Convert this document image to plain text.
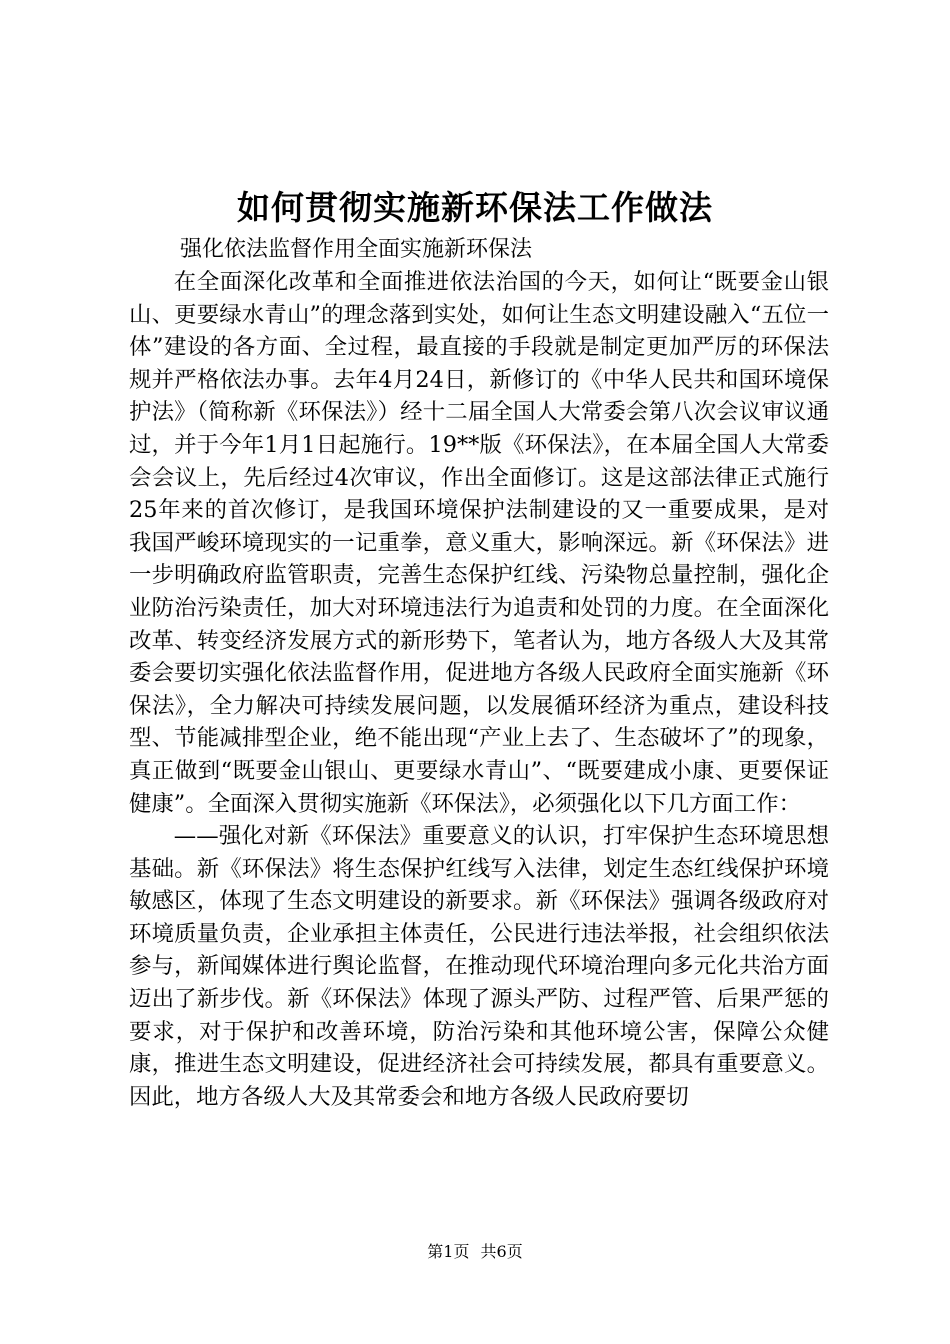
如何贯彻实施新环保法工作做法
强化依法监督作用全面实施新环保法

在全面深化改革和全面推进依法治国的今天，如何让“既要金山银山、更要绿水青山”的理念落到实处，如何让生态文明建设融入“五位一体”建设的各方面、全过程，最直接的手段就是制定更加严厉的环保法规并严格依法办事。去年4月24日，新修订的《中华人民共和国环境保护法》（简称新《环保法》）经十二届全国人大常委会第八次会议审议通过，并于今年1月1日起施行。19**版《环保法》，在本届全国人大常委会会议上，先后经过4次审议，作出全面修订。这是这部法律正式施行25年来的首次修订，是我国环境保护法制建设的又一重要成果，是对我国严峻环境现实的一记重拳，意义重大，影响深远。新《环保法》进一步明确政府监管职责，完善生态保护红线、污染物总量控制，强化企业防治污染责任，加大对环境违法行为追责和处罚的力度。在全面深化改革、转变经济发展方式的新形势下，笔者认为，地方各级人大及其常委会要切实强化依法监督作用，促进地方各级人民政府全面实施新《环保法》，全力解决可持续发展问题，以发展循环经济为重点，建设科技型、节能减排型企业，绝不能出现“产业上去了、生态破坏了”的现象，真正做到“既要金山银山、更要绿水青山”、“既要建成小康、更要保证健康”。全面深入贯彻实施新《环保法》，必须强化以下几方面工作：

——强化对新《环保法》重要意义的认识，打牢保护生态环境思想基础。新《环保法》将生态保护红线写入法律，划定生态红线保护环境敏感区，体现了生态文明建设的新要求。新《环保法》强调各级政府对环境质量负责，企业承担主体责任，公民进行违法举报，社会组织依法参与，新闻媒体进行舆论监督，在推动现代环境治理向多元化共治方面迈出了新步伐。新《环保法》体现了源头严防、过程严管、后果严惩的要求，对于保护和改善环境，防治污染和其他环境公害，保障公众健康，推进生态文明建设，促进经济社会可持续发展，都具有重要意义。因此，地方各级人大及其常委会和地方各级人民政府要切

第1页 共6页
